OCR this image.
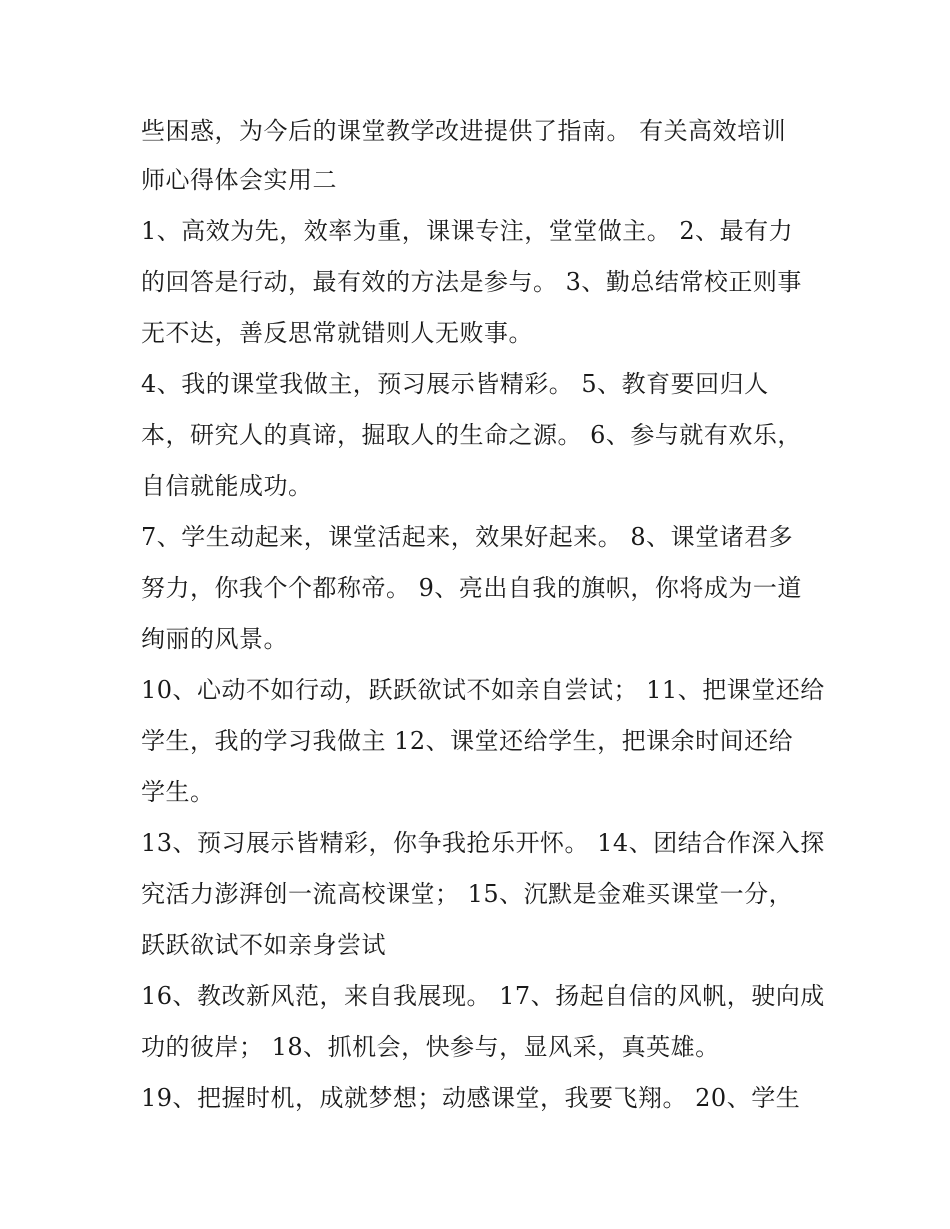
些困惑，为今后的课堂教学改进提供了指南。 有关高效培训
师心得体会实用二
1、高效为先，效率为重，课课专注，堂堂做主。 2、最有力
的回答是行动，最有效的方法是参与。 3、勤总结常校正则事
无不达，善反思常就错则人无败事。
4、我的课堂我做主，预习展示皆精彩。 5、教育要回归人
本，研究人的真谛，掘取人的生命之源。 6、参与就有欢乐，
自信就能成功。
7、学生动起来，课堂活起来，效果好起来。 8、课堂诸君多
努力，你我个个都称帝。 9、亮出自我的旗帜，你将成为一道
绚丽的风景。
10、心动不如行动，跃跃欲试不如亲自尝试； 11、把课堂还给
学生，我的学习我做主 12、课堂还给学生，把课余时间还给
学生。
13、预习展示皆精彩，你争我抢乐开怀。 14、团结合作深入探
究活力澎湃创一流高校课堂； 15、沉默是金难买课堂一分，
跃跃欲试不如亲身尝试
16、教改新风范，来自我展现。 17、扬起自信的风帆，驶向成
功的彼岸； 18、抓机会，快参与，显风采，真英雄。
19、把握时机，成就梦想；动感课堂，我要飞翔。 20、学生
